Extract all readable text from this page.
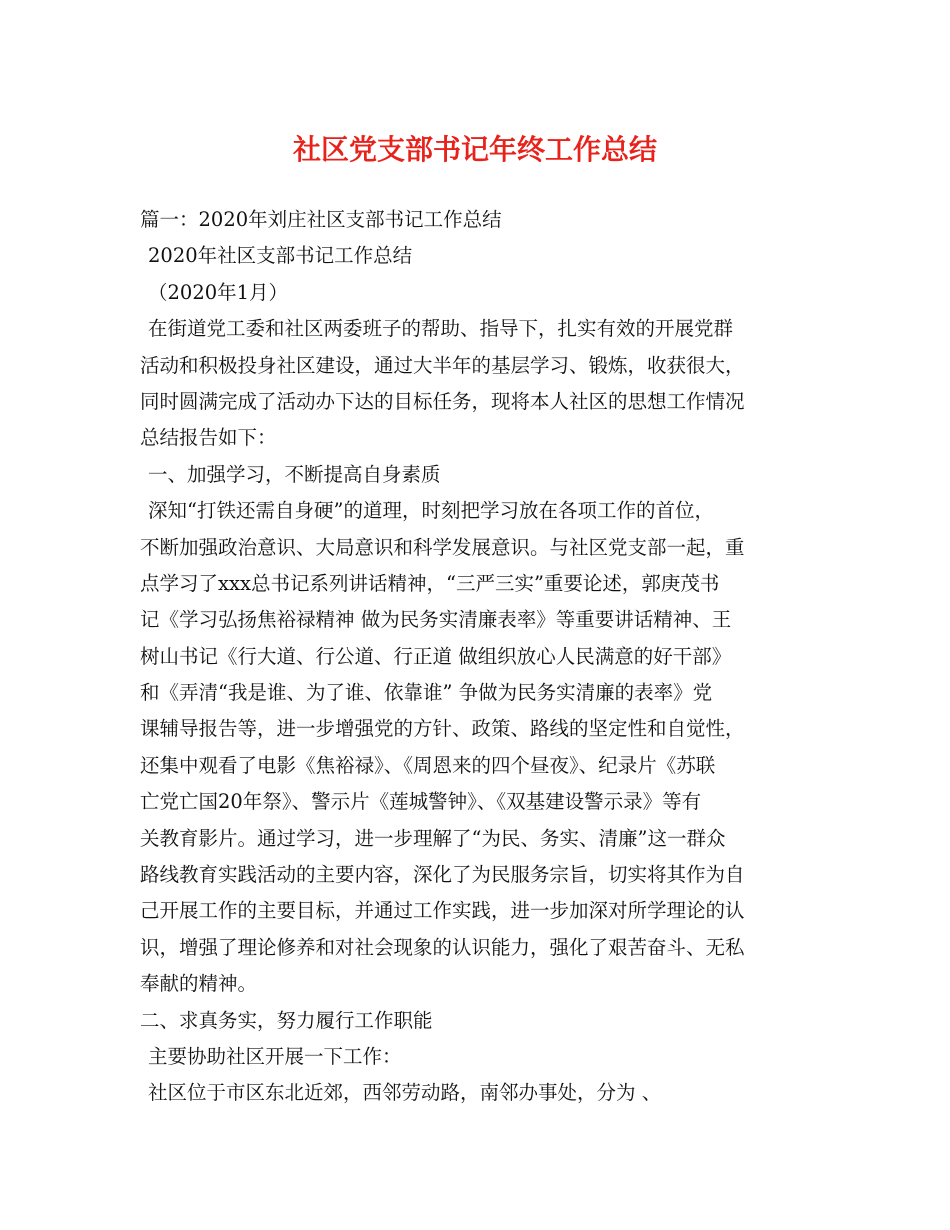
社区党支部书记年终工作总结
篇一：2020年刘庄社区支部书记工作总结
2020年社区支部书记工作总结
（2020年1月）
在街道党工委和社区两委班子的帮助、指导下，扎实有效的开展党群
活动和积极投身社区建设，通过大半年的基层学习、锻炼，收获很大，
同时圆满完成了活动办下达的目标任务，现将本人社区的思想工作情况
总结报告如下：
一、加强学习，不断提高自身素质
深知“打铁还需自身硬”的道理，时刻把学习放在各项工作的首位，
不断加强政治意识、大局意识和科学发展意识。与社区党支部一起，重
点学习了xxx总书记系列讲话精神，“三严三实”重要论述，郭庚茂书
记《学习弘扬焦裕禄精神 做为民务实清廉表率》等重要讲话精神、王
树山书记《行大道、行公道、行正道 做组织放心人民满意的好干部》
和《弄清“我是谁、为了谁、依靠谁” 争做为民务实清廉的表率》党
课辅导报告等，进一步增强党的方针、政策、路线的坚定性和自觉性，
还集中观看了电影《焦裕禄》、《周恩来的四个昼夜》、纪录片《苏联
亡党亡国20年祭》、警示片《莲城警钟》、《双基建设警示录》等有
关教育影片。通过学习，进一步理解了“为民、务实、清廉”这一群众
路线教育实践活动的主要内容，深化了为民服务宗旨，切实将其作为自
己开展工作的主要目标，并通过工作实践，进一步加深对所学理论的认
识，增强了理论修养和对社会现象的认识能力，强化了艰苦奋斗、无私
奉献的精神。
二、求真务实，努力履行工作职能
主要协助社区开展一下工作：
社区位于市区东北近郊，西邻劳动路，南邻办事处，分为 、
